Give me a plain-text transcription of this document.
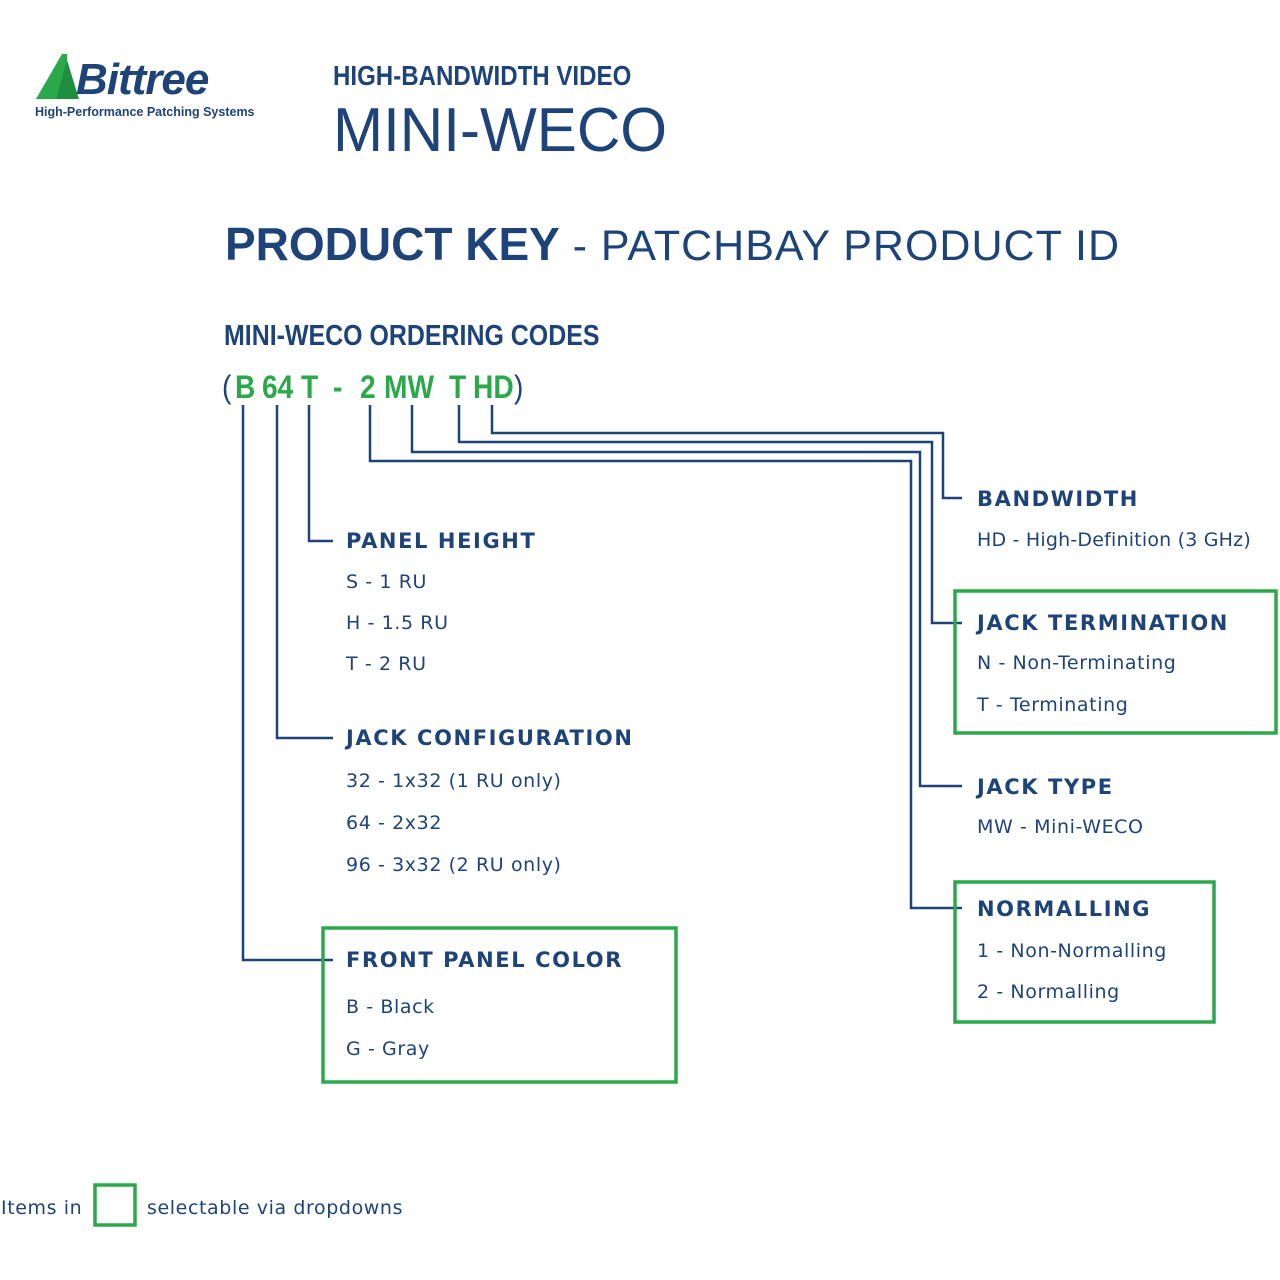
Bittree
High-Performance Patching Systems
HIGH-BANDWIDTH VIDEO
MINI-WECO
PRODUCT KEY - PATCHBAY PRODUCT ID
MINI-WECO ORDERING CODES
( B 64 T - 2 MW T HD )
PANEL HEIGHT
S - 1 RU
H - 1.5 RU
T - 2 RU
JACK CONFIGURATION
32 - 1x32 (1 RU only)
64 - 2x32
96 - 3x32 (2 RU only)
FRONT PANEL COLOR
B - Black
G - Gray
BANDWIDTH
HD - High-Definition (3 GHz)
JACK TERMINATION
N - Non-Terminating
T - Terminating
JACK TYPE
MW - Mini-WECO
NORMALLING
1 - Non-Normalling
2 - Normalling
Items in	selectable via dropdowns
